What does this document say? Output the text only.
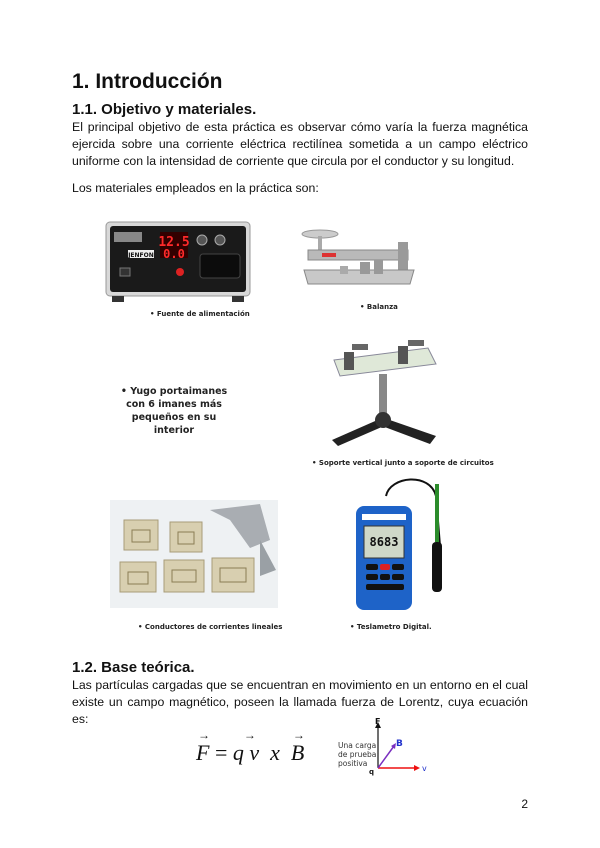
1. Introducción
1.1. Objetivo y materiales.

El principal objetivo de esta práctica es observar cómo varía la fuerza magnética ejercida sobre una corriente eléctrica rectilínea sometida a un campo eléctrico uniforme con la intensidad de corriente que circula por el conductor y su longitud.

Los materiales empleados en la práctica son:

12.5
0.0
JENFON
• Fuente de alimentación
• Balanza
• Yugo portaimanes con 6 imanes más pequeños en su interior
• Soporte vertical junto a soporte de circuitos
• Conductores de corrientes lineales
8683
• Teslametro Digital.
1.2. Base teórica.

Las partículas cargadas que se encuentran en movimiento en un entorno en el cual existe un campo magnético, poseen la llamada fuerza de Lorentz, cuya ecuación es:

F
→
= q v
→
x B
→
Una carga
de prueba
positiva
F
v
B
q
2
